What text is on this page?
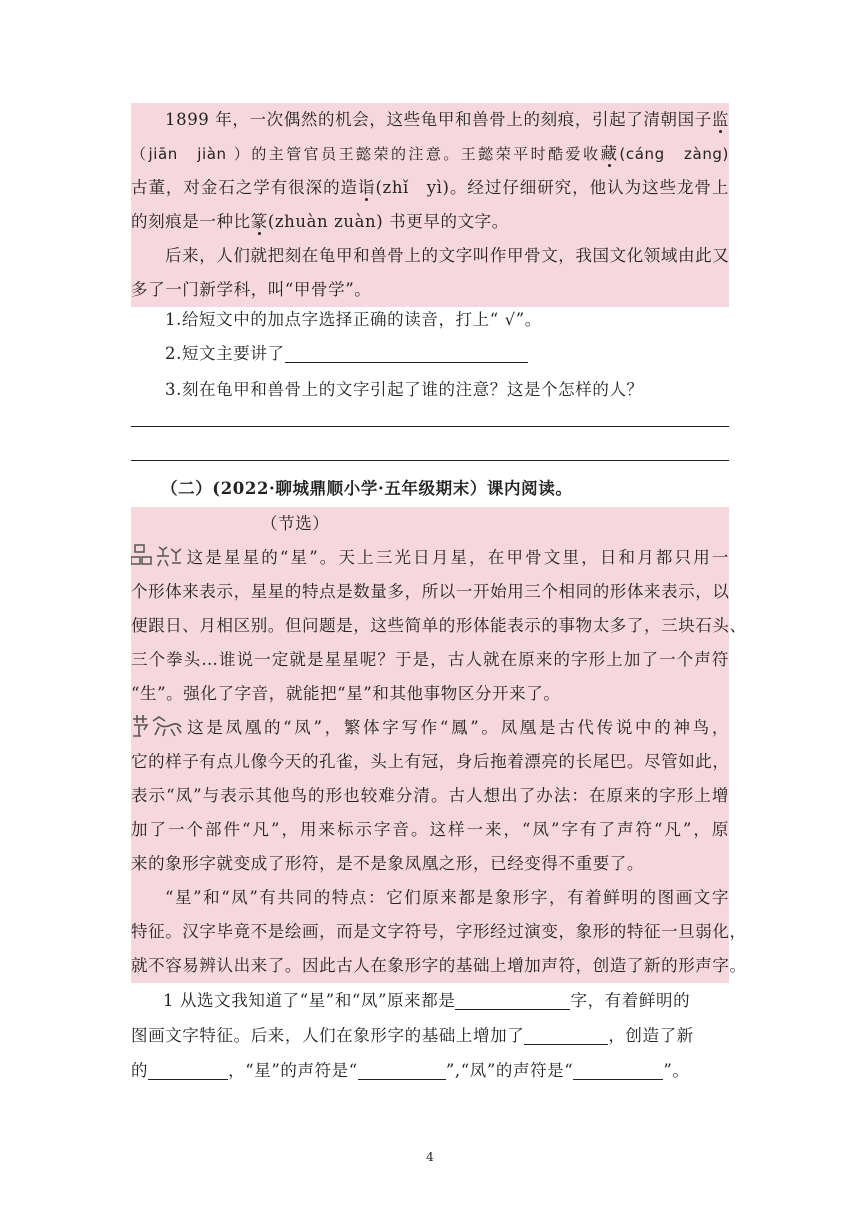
1899 年，一次偶然的机会，这些龟甲和兽骨上的刻痕，引起了清朝国子监
（jiān　jiàn ）的主管官员王懿荣的注意。王懿荣平时酷爱收藏(cáng　zàng)
古董，对金石之学有很深的造诣(zhǐ　yì)。经过仔细研究，他认为这些龙骨上
的刻痕是一种比篆(zhuàn zuàn) 书更早的文字。
后来，人们就把刻在龟甲和兽骨上的文字叫作甲骨文，我国文化领域由此又
多了一门新学科，叫“甲骨学”。
1.给短文中的加点字选择正确的读音，打上“ √”。
2.短文主要讲了
3.刻在龟甲和兽骨上的文字引起了谁的注意？这是个怎样的人？
（二）(2022·聊城鼎顺小学·五年级期末）课内阅读。
（节选）
这是星星的“星”。天上三光日月星，在甲骨文里，日和月都只用一
个形体来表示，星星的特点是数量多，所以一开始用三个相同的形体来表示，以
便跟日、月相区别。但问题是，这些简单的形体能表示的事物太多了，三块石头、
三个拳头…谁说一定就是星星呢？于是，古人就在原来的字形上加了一个声符
“生”。强化了字音，就能把“星”和其他事物区分开来了。
这是凤凰的“凤”，繁体字写作“鳳”。凤凰是古代传说中的神鸟，
它的样子有点儿像今天的孔雀，头上有冠，身后拖着漂亮的长尾巴。尽管如此，
表示“凤”与表示其他鸟的形也较难分清。古人想出了办法：在原来的字形上增
加了一个部件“凡”，用来标示字音。这样一来，“凤”字有了声符“凡”，原
来的象形字就变成了形符，是不是象凤凰之形，已经变得不重要了。
“星”和“凤”有共同的特点：它们原来都是象形字，有着鲜明的图画文字
特征。汉字毕竟不是绘画，而是文字符号，字形经过演变，象形的特征一旦弱化，
就不容易辨认出来了。因此古人在象形字的基础上增加声符，创造了新的形声字。
1 从选文我知道了“星”和“凤”原来都是	字，有着鲜明的
图画文字特征。后来，人们在象形字的基础上增加了	，创造了新
的	，“星”的声符是“	”,“凤”的声符是“	”。
4
